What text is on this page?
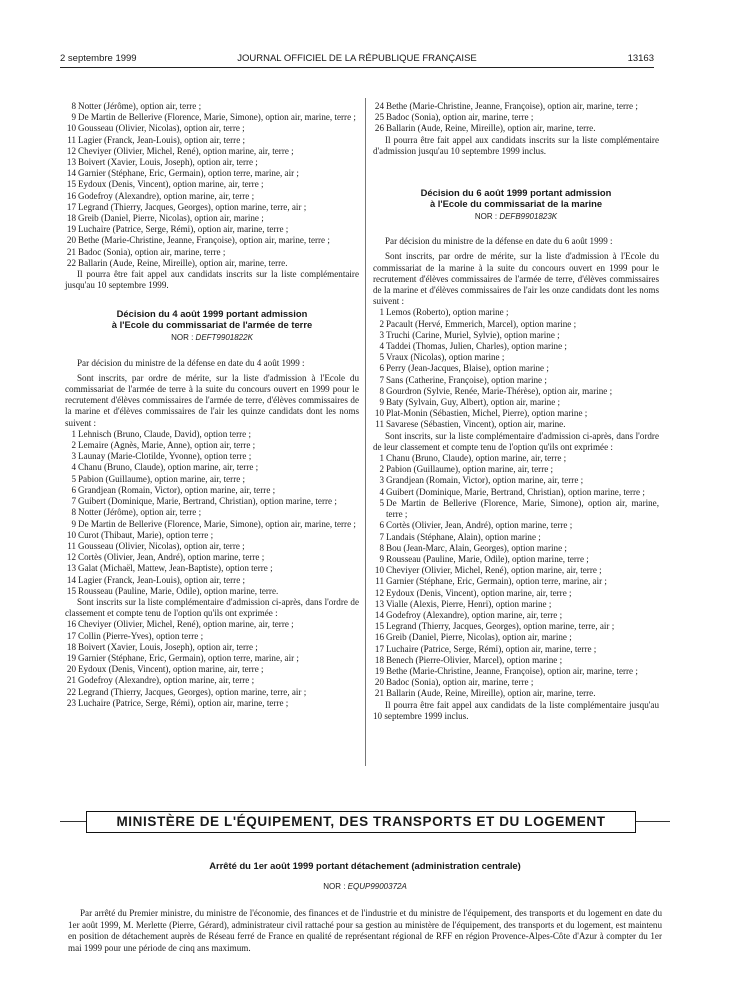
2 septembre 1999	JOURNAL OFFICIEL DE LA RÉPUBLIQUE FRANÇAISE	13163
8 Notter (Jérôme), option air, terre ;
9 De Martin de Bellerive (Florence, Marie, Simone), option air, marine, terre ;
10 Gousseau (Olivier, Nicolas), option air, terre ;
11 Lagier (Franck, Jean-Louis), option air, terre ;
12 Cheviyer (Olivier, Michel, René), option marine, air, terre ;
13 Boivert (Xavier, Louis, Joseph), option air, terre ;
14 Garnier (Stéphane, Eric, Germain), option terre, marine, air ;
15 Eydoux (Denis, Vincent), option marine, air, terre ;
16 Godefroy (Alexandre), option marine, air, terre ;
17 Legrand (Thierry, Jacques, Georges), option marine, terre, air ;
18 Greib (Daniel, Pierre, Nicolas), option air, marine ;
19 Luchaire (Patrice, Serge, Rémi), option air, marine, terre ;
20 Bethe (Marie-Christine, Jeanne, Françoise), option air, marine, terre ;
21 Badoc (Sonia), option air, marine, terre ;
22 Ballarin (Aude, Reine, Mireille), option air, marine, terre.

Il pourra être fait appel aux candidats inscrits sur la liste complémentaire jusqu'au 10 septembre 1999.

Décision du 4 août 1999 portant admission
à l'Ecole du commissariat de l'armée de terre
NOR : DEFT9901822K

Par décision du ministre de la défense en date du 4 août 1999 :

Sont inscrits, par ordre de mérite, sur la liste d'admission à l'Ecole du commissariat de l'armée de terre à la suite du concours ouvert en 1999 pour le recrutement d'élèves commissaires de l'armée de terre, d'élèves commissaires de la marine et d'élèves commissaires de l'air les quinze candidats dont les noms suivent :

1 Lehnisch (Bruno, Claude, David), option terre ;
2 Lemaire (Agnès, Marie, Anne), option air, terre ;
3 Launay (Marie-Clotilde, Yvonne), option terre ;
4 Chanu (Bruno, Claude), option marine, air, terre ;
5 Pabion (Guillaume), option marine, air, terre ;
6 Grandjean (Romain, Victor), option marine, air, terre ;
7 Guibert (Dominique, Marie, Bertrand, Christian), option marine, terre ;
8 Notter (Jérôme), option air, terre ;
9 De Martin de Bellerive (Florence, Marie, Simone), option air, marine, terre ;
10 Curot (Thibaut, Marie), option terre ;
11 Gousseau (Olivier, Nicolas), option air, terre ;
12 Cortès (Olivier, Jean, André), option marine, terre ;
13 Galat (Michaël, Mattew, Jean-Baptiste), option terre ;
14 Lagier (Franck, Jean-Louis), option air, terre ;
15 Rousseau (Pauline, Marie, Odile), option marine, terre.

Sont inscrits sur la liste complémentaire d'admission ci-après, dans l'ordre de classement et compte tenu de l'option qu'ils ont exprimée :

16 Cheviyer (Olivier, Michel, René), option marine, air, terre ;
17 Collin (Pierre-Yves), option terre ;
18 Boivert (Xavier, Louis, Joseph), option air, terre ;
19 Garnier (Stéphane, Eric, Germain), option terre, marine, air ;
20 Eydoux (Denis, Vincent), option marine, air, terre ;
21 Godefroy (Alexandre), option marine, air, terre ;
22 Legrand (Thierry, Jacques, Georges), option marine, terre, air ;
23 Luchaire (Patrice, Serge, Rémi), option air, marine, terre ;
24 Bethe (Marie-Christine, Jeanne, Françoise), option air, marine, terre ;
25 Badoc (Sonia), option air, marine, terre ;
26 Ballarin (Aude, Reine, Mireille), option air, marine, terre.

Il pourra être fait appel aux candidats inscrits sur la liste complémentaire d'admission jusqu'au 10 septembre 1999 inclus.

Décision du 6 août 1999 portant admission
à l'Ecole du commissariat de la marine
NOR : DEFB9901823K

Par décision du ministre de la défense en date du 6 août 1999 :

Sont inscrits, par ordre de mérite, sur la liste d'admission à l'Ecole du commissariat de la marine à la suite du concours ouvert en 1999 pour le recrutement d'élèves commissaires de l'armée de terre, d'élèves commissaires de la marine et d'élèves commissaires de l'air les onze candidats dont les noms suivent :

1 Lemos (Roberto), option marine ;
2 Pacault (Hervé, Emmerich, Marcel), option marine ;
3 Truchi (Carine, Muriel, Sylvie), option marine ;
4 Taddei (Thomas, Julien, Charles), option marine ;
5 Vraux (Nicolas), option marine ;
6 Perry (Jean-Jacques, Blaise), option marine ;
7 Sans (Catherine, Françoise), option marine ;
8 Gourdron (Sylvie, Renée, Marie-Thérèse), option air, marine ;
9 Baty (Sylvain, Guy, Albert), option air, marine ;
10 Plat-Monin (Sébastien, Michel, Pierre), option marine ;
11 Savarese (Sébastien, Vincent), option air, marine.

Sont inscrits, sur la liste complémentaire d'admission ci-après, dans l'ordre de leur classement et compte tenu de l'option qu'ils ont exprimée :

1 Chanu (Bruno, Claude), option marine, air, terre ;
2 Pabion (Guillaume), option marine, air, terre ;
3 Grandjean (Romain, Victor), option marine, air, terre ;
4 Guibert (Dominique, Marie, Bertrand, Christian), option marine, terre ;
5 De Martin de Bellerive (Florence, Marie, Simone), option air, marine, terre ;
6 Cortès (Olivier, Jean, André), option marine, terre ;
7 Landais (Stéphane, Alain), option marine ;
8 Bou (Jean-Marc, Alain, Georges), option marine ;
9 Rousseau (Pauline, Marie, Odile), option marine, terre ;
10 Cheviyer (Olivier, Michel, René), option marine, air, terre ;
11 Garnier (Stéphane, Eric, Germain), option terre, marine, air ;
12 Eydoux (Denis, Vincent), option marine, air, terre ;
13 Vialle (Alexis, Pierre, Henri), option marine ;
14 Godefroy (Alexandre), option marine, air, terre ;
15 Legrand (Thierry, Jacques, Georges), option marine, terre, air ;
16 Greib (Daniel, Pierre, Nicolas), option air, marine ;
17 Luchaire (Patrice, Serge, Rémi), option air, marine, terre ;
18 Benech (Pierre-Olivier, Marcel), option marine ;
19 Bethe (Marie-Christine, Jeanne, Françoise), option air, marine, terre ;
20 Badoc (Sonia), option air, marine, terre ;
21 Ballarin (Aude, Reine, Mireille), option air, marine, terre.

Il pourra être fait appel aux candidats de la liste complémentaire jusqu'au 10 septembre 1999 inclus.

MINISTÈRE DE L'ÉQUIPEMENT, DES TRANSPORTS ET DU LOGEMENT
Arrêté du 1er août 1999 portant détachement (administration centrale)
NOR : EQUP9900372A

Par arrêté du Premier ministre, du ministre de l'économie, des finances et de l'industrie et du ministre de l'équipement, des transports et du logement en date du 1er août 1999, M. Merlette (Pierre, Gérard), administrateur civil rattaché pour sa gestion au ministère de l'équipement, des transports et du logement, est maintenu en position de détachement auprès de Réseau ferré de France en qualité de représentant régional de RFF en région Provence-Alpes-Côte d'Azur à compter du 1er mai 1999 pour une période de cinq ans maximum.
